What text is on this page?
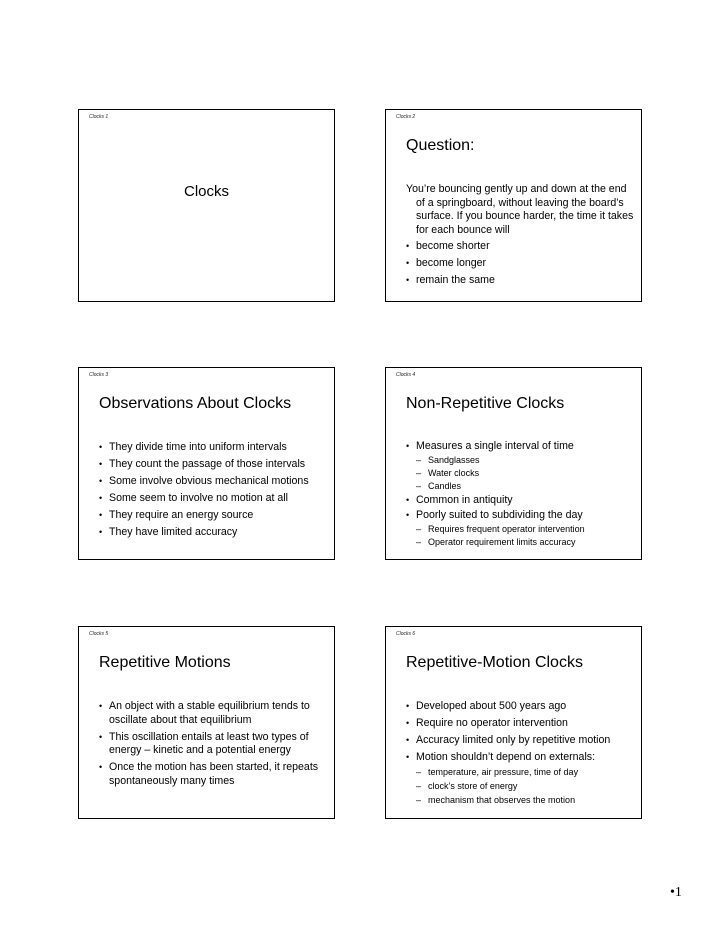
Clocks 1
Clocks
Clocks 2
Question:

You’re bouncing gently up and down at the end of a springboard, without leaving the board’s surface. If you bounce harder, the time it takes for each bounce will

• become shorter
• become longer
• remain the same
Clocks 3
Observations About Clocks
• They divide time into uniform intervals
• They count the passage of those intervals
• Some involve obvious mechanical motions
• Some seem to involve no motion at all
• They require an energy source
• They have limited accuracy
Clocks 4
Non-Repetitive Clocks
• Measures a single interval of time
– Sandglasses
– Water clocks
– Candles
• Common in antiquity
• Poorly suited to subdividing the day
– Requires frequent operator intervention
– Operator requirement limits accuracy
Clocks 5
Repetitive Motions
• An object with a stable equilibrium tends to oscillate about that equilibrium
• This oscillation entails at least two types of energy – kinetic and a potential energy
• Once the motion has been started, it repeats spontaneously many times
Clocks 6
Repetitive-Motion Clocks
• Developed about 500 years ago
• Require no operator intervention
• Accuracy limited only by repetitive motion
• Motion shouldn’t depend on externals:
– temperature, air pressure, time of day
– clock’s store of energy
– mechanism that observes the motion
•1
